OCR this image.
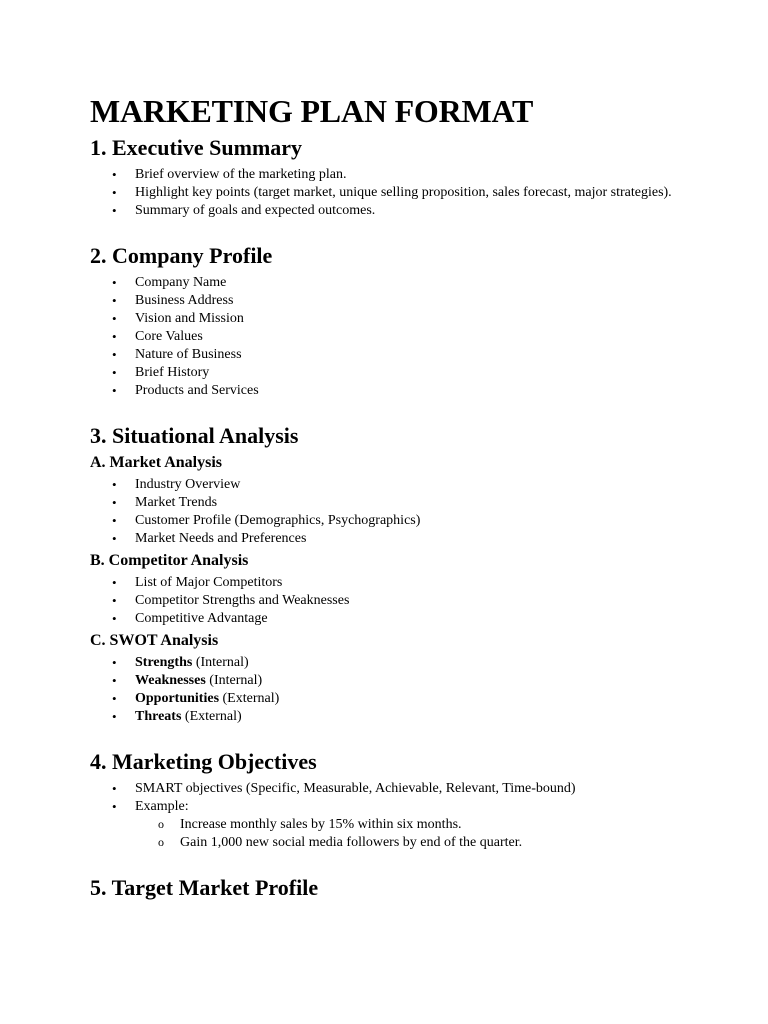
MARKETING PLAN FORMAT
1. Executive Summary
• Brief overview of the marketing plan.
• Highlight key points (target market, unique selling proposition, sales forecast, major strategies).
• Summary of goals and expected outcomes.
2. Company Profile
• Company Name
• Business Address
• Vision and Mission
• Core Values
• Nature of Business
• Brief History
• Products and Services
3. Situational Analysis
A. Market Analysis
• Industry Overview
• Market Trends
• Customer Profile (Demographics, Psychographics)
• Market Needs and Preferences
B. Competitor Analysis
• List of Major Competitors
• Competitor Strengths and Weaknesses
• Competitive Advantage
C. SWOT Analysis
• Strengths (Internal)
• Weaknesses (Internal)
• Opportunities (External)
• Threats (External)
4. Marketing Objectives
• SMART objectives (Specific, Measurable, Achievable, Relevant, Time-bound)
• Example:
o Increase monthly sales by 15% within six months.
o Gain 1,000 new social media followers by end of the quarter.
5. Target Market Profile
